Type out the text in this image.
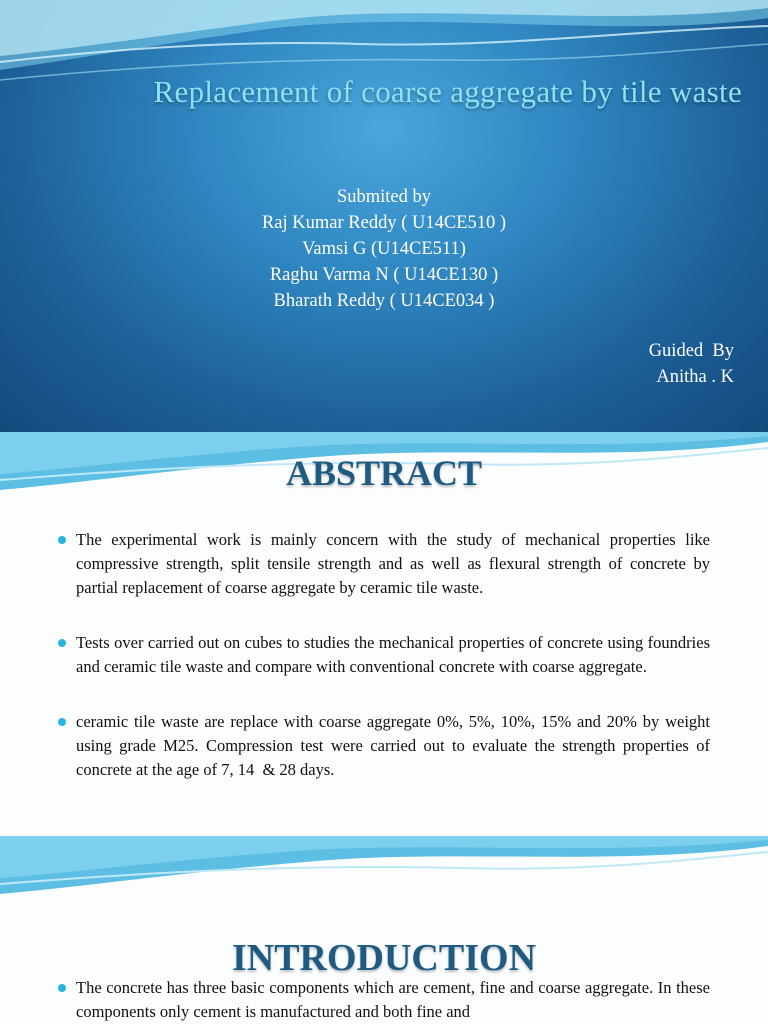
Replacement of coarse aggregate by tile waste
Submited by
Raj Kumar Reddy ( U14CE510 )
Vamsi G (U14CE511)
Raghu Varma N ( U14CE130 )
Bharath Reddy ( U14CE034 )
Guided  By
Anitha . K
ABSTRACT
The experimental work is mainly concern with the study of mechanical properties like compressive strength, split tensile strength and as well as flexural strength of concrete by partial replacement of coarse aggregate by ceramic tile waste.
Tests over carried out on cubes to studies the mechanical properties of concrete using foundries and ceramic tile waste and compare with conventional concrete with coarse aggregate.
ceramic tile waste are replace with coarse aggregate 0%, 5%, 10%, 15% and 20% by weight using grade M25. Compression test were carried out to evaluate the strength properties of concrete at the age of 7, 14  & 28 days.
INTRODUCTION
The concrete has three basic components which are cement, fine and coarse aggregate. In these components only cement is manufactured and both fine and
